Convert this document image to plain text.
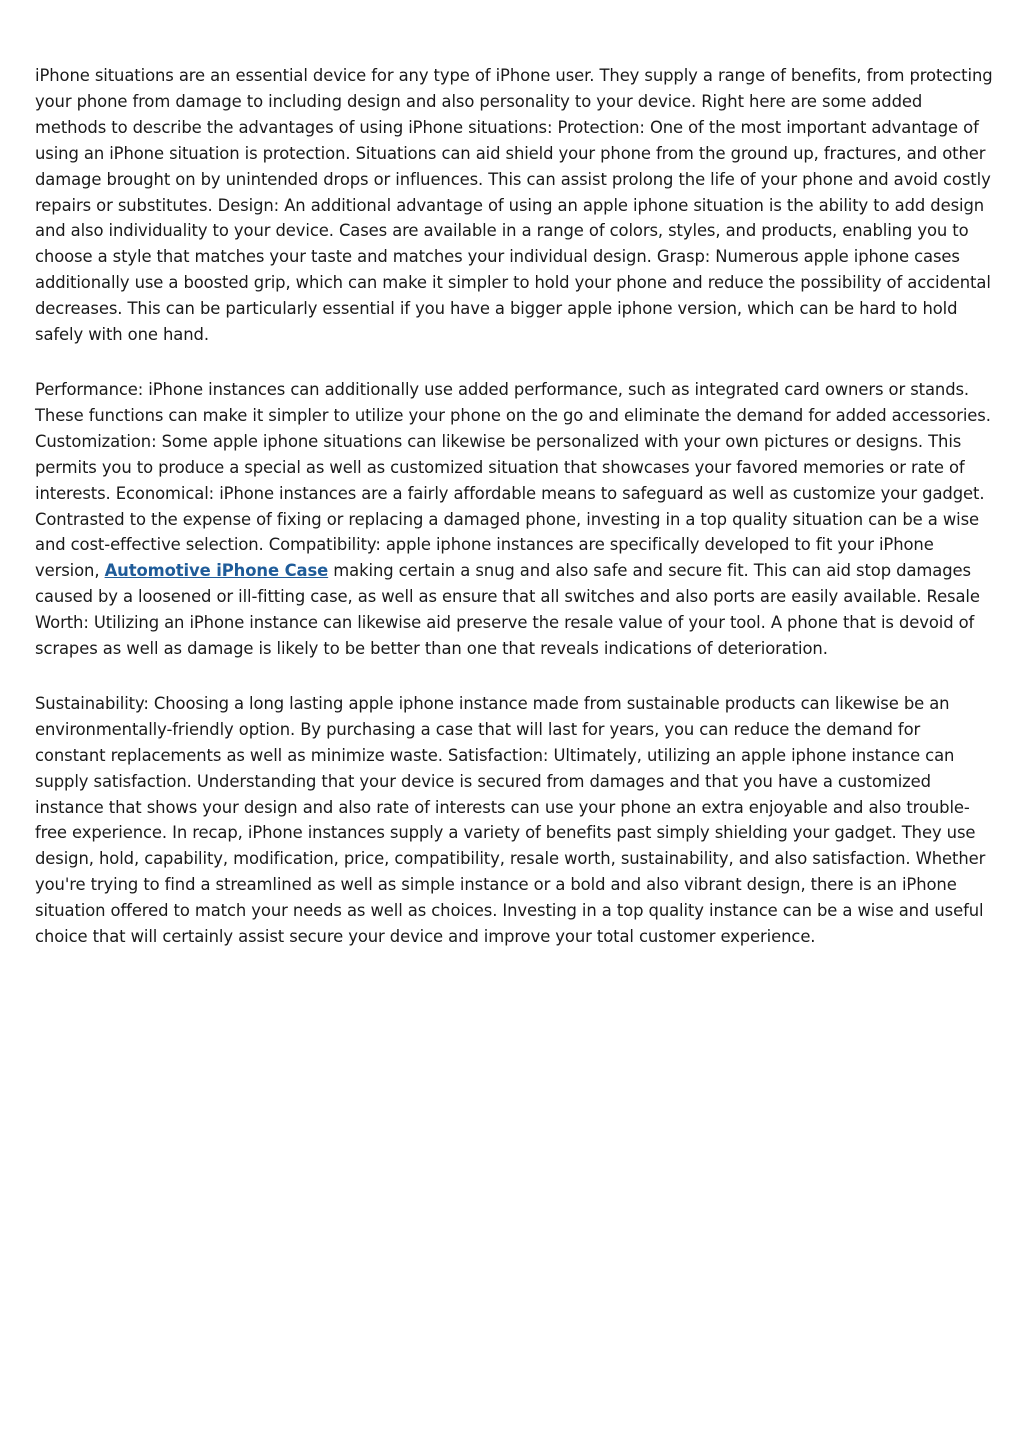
iPhone situations are an essential device for any type of iPhone user. They supply a range of benefits, from protecting your phone from damage to including design and also personality to your device. Right here are some added methods to describe the advantages of using iPhone situations: Protection: One of the most important advantage of using an iPhone situation is protection. Situations can aid shield your phone from the ground up, fractures, and other damage brought on by unintended drops or influences. This can assist prolong the life of your phone and avoid costly repairs or substitutes. Design: An additional advantage of using an apple iphone situation is the ability to add design and also individuality to your device. Cases are available in a range of colors, styles, and products, enabling you to choose a style that matches your taste and matches your individual design. Grasp: Numerous apple iphone cases additionally use a boosted grip, which can make it simpler to hold your phone and reduce the possibility of accidental decreases. This can be particularly essential if you have a bigger apple iphone version, which can be hard to hold safely with one hand.

Performance: iPhone instances can additionally use added performance, such as integrated card owners or stands. These functions can make it simpler to utilize your phone on the go and eliminate the demand for added accessories. Customization: Some apple iphone situations can likewise be personalized with your own pictures or designs. This permits you to produce a special as well as customized situation that showcases your favored memories or rate of interests. Economical: iPhone instances are a fairly affordable means to safeguard as well as customize your gadget. Contrasted to the expense of fixing or replacing a damaged phone, investing in a top quality situation can be a wise and cost-effective selection. Compatibility: apple iphone instances are specifically developed to fit your iPhone version, Automotive iPhone Case making certain a snug and also safe and secure fit. This can aid stop damages caused by a loosened or ill-fitting case, as well as ensure that all switches and also ports are easily available. Resale Worth: Utilizing an iPhone instance can likewise aid preserve the resale value of your tool. A phone that is devoid of scrapes as well as damage is likely to be better than one that reveals indications of deterioration.

Sustainability: Choosing a long lasting apple iphone instance made from sustainable products can likewise be an environmentally-friendly option. By purchasing a case that will last for years, you can reduce the demand for constant replacements as well as minimize waste. Satisfaction: Ultimately, utilizing an apple iphone instance can supply satisfaction. Understanding that your device is secured from damages and that you have a customized instance that shows your design and also rate of interests can use your phone an extra enjoyable and also trouble-free experience. In recap, iPhone instances supply a variety of benefits past simply shielding your gadget. They use design, hold, capability, modification, price, compatibility, resale worth, sustainability, and also satisfaction. Whether you're trying to find a streamlined as well as simple instance or a bold and also vibrant design, there is an iPhone situation offered to match your needs as well as choices. Investing in a top quality instance can be a wise and useful choice that will certainly assist secure your device and improve your total customer experience.
